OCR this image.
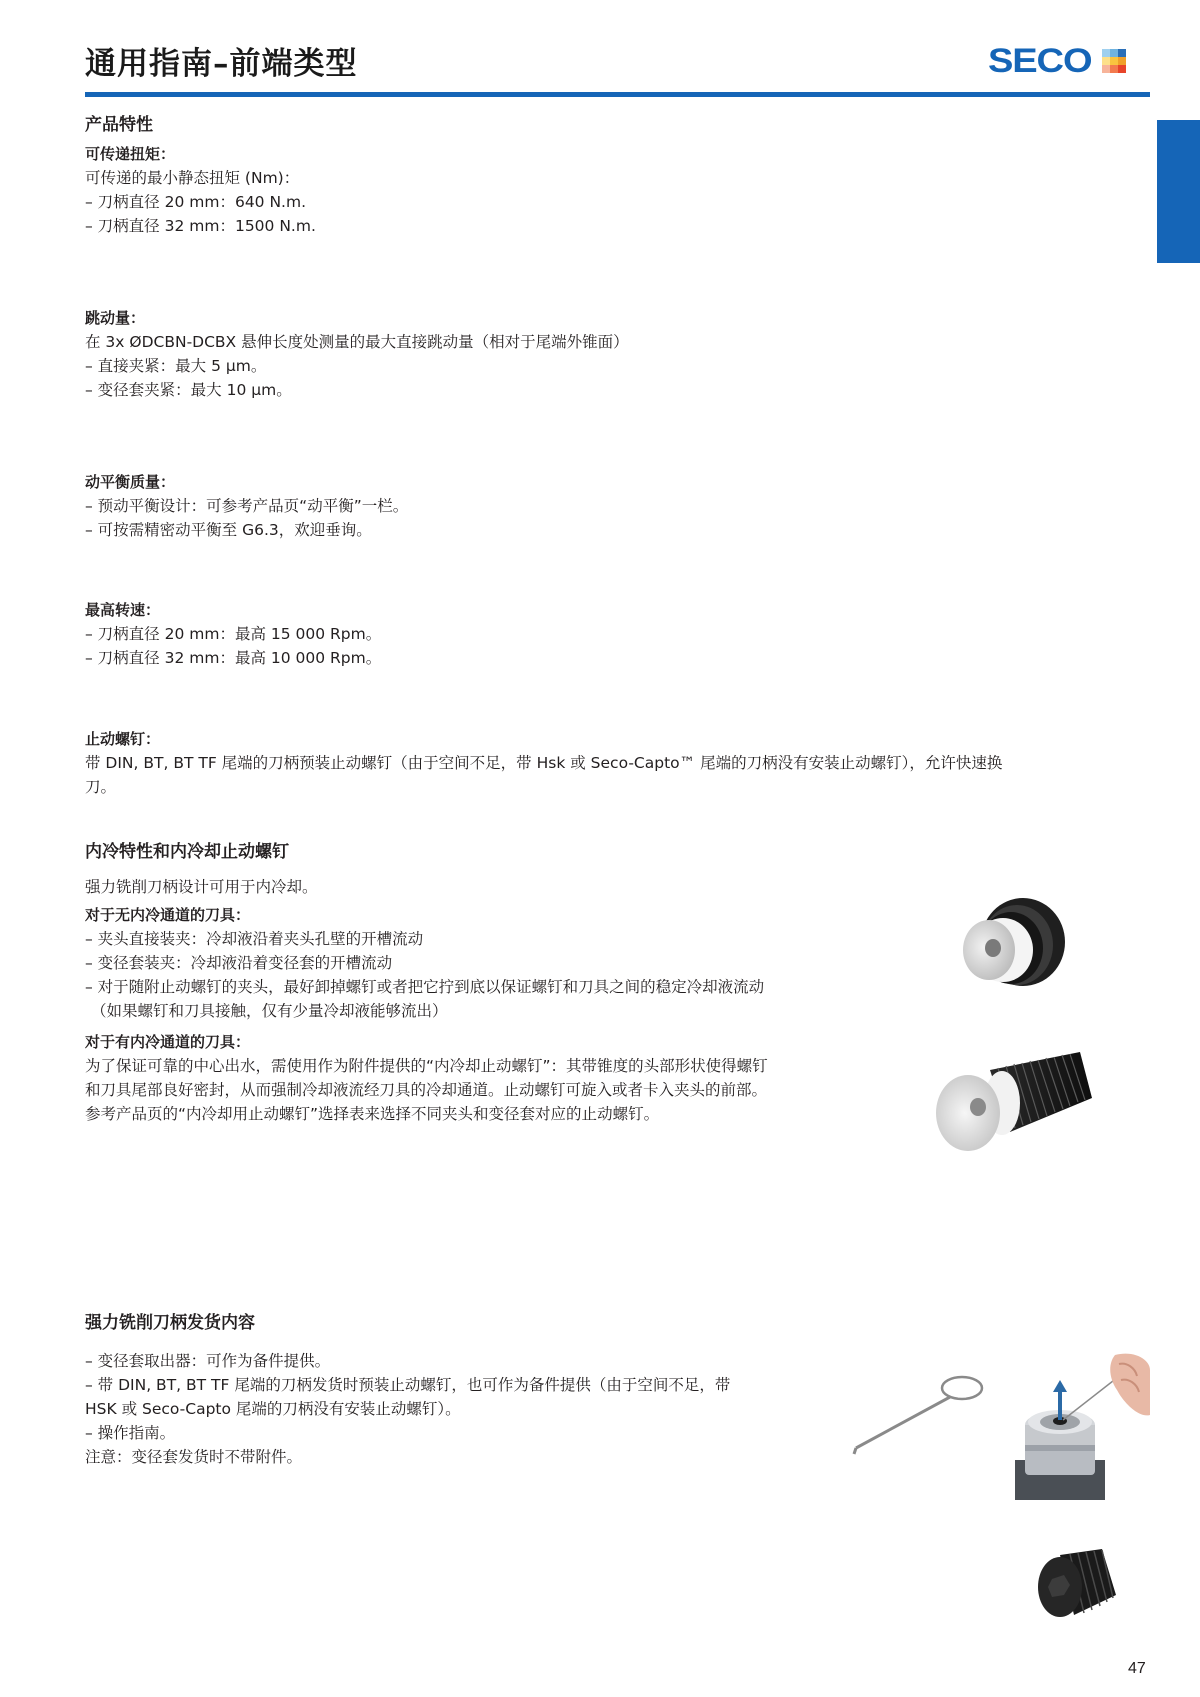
通用指南–前端类型	SECO
产品特性
可传递扭矩：
可传递的最小静态扭矩 (Nm)：
– 刀柄直径 20 mm：640 N.m.
– 刀柄直径 32 mm：1500 N.m.
跳动量：
在 3x ØDCBN-DCBX 悬伸长度处测量的最大直接跳动量（相对于尾端外锥面）
– 直接夹紧：最大 5 μm。
– 变径套夹紧：最大 10 μm。
动平衡质量：
– 预动平衡设计：可参考产品页“动平衡”一栏。
– 可按需精密动平衡至 G6.3，欢迎垂询。
最高转速：
– 刀柄直径 20 mm：最高 15 000 Rpm。
– 刀柄直径 32 mm：最高 10 000 Rpm。
止动螺钉：
带 DIN, BT, BT TF 尾端的刀柄预装止动螺钉（由于空间不足，带 Hsk 或 Seco-Capto™ 尾端的刀柄没有安装止动螺钉），允许快速换
刀。
内冷特性和内冷却止动螺钉
强力铣削刀柄设计可用于内冷却。
对于无内冷通道的刀具：
– 夹头直接装夹：冷却液沿着夹头孔壁的开槽流动
– 变径套装夹：冷却液沿着变径套的开槽流动
– 对于随附止动螺钉的夹头，最好卸掉螺钉或者把它拧到底以保证螺钉和刀具之间的稳定冷却液流动
（如果螺钉和刀具接触，仅有少量冷却液能够流出）
对于有内冷通道的刀具：
为了保证可靠的中心出水，需使用作为附件提供的“内冷却止动螺钉”：其带锥度的头部形状使得螺钉
和刀具尾部良好密封，从而强制冷却液流经刀具的冷却通道。止动螺钉可旋入或者卡入夹头的前部。
参考产品页的“内冷却用止动螺钉”选择表来选择不同夹头和变径套对应的止动螺钉。
强力铣削刀柄发货内容
– 变径套取出器：可作为备件提供。
– 带 DIN, BT, BT TF 尾端的刀柄发货时预装止动螺钉，也可作为备件提供（由于空间不足，带
HSK 或 Seco-Capto 尾端的刀柄没有安装止动螺钉）。
– 操作指南。
注意：变径套发货时不带附件。
47
